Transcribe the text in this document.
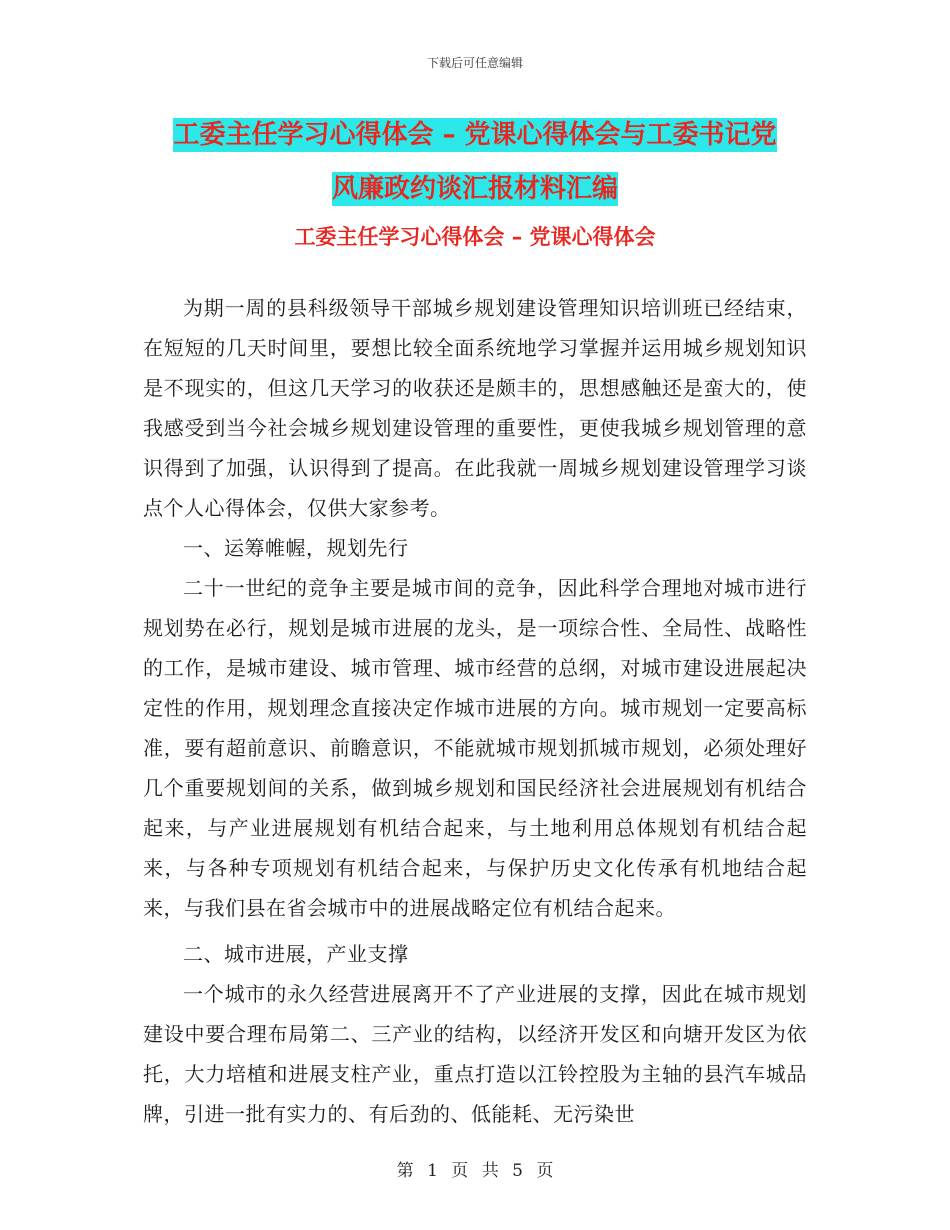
下载后可任意编辑
工委主任学习心得体会 – 党课心得体会与工委书记党
风廉政约谈汇报材料汇编
工委主任学习心得体会 – 党课心得体会

为期一周的县科级领导干部城乡规划建设管理知识培训班已经结束，在短短的几天时间里，要想比较全面系统地学习掌握并运用城乡规划知识是不现实的，但这几天学习的收获还是颇丰的，思想感触还是蛮大的，使我感受到当今社会城乡规划建设管理的重要性，更使我城乡规划管理的意识得到了加强，认识得到了提高。在此我就一周城乡规划建设管理学习谈点个人心得体会，仅供大家参考。

一、运筹帷幄，规划先行

二十一世纪的竞争主要是城市间的竞争，因此科学合理地对城市进行规划势在必行，规划是城市进展的龙头，是一项综合性、全局性、战略性的工作，是城市建设、城市管理、城市经营的总纲，对城市建设进展起决定性的作用，规划理念直接决定作城市进展的方向。城市规划一定要高标准，要有超前意识、前瞻意识，不能就城市规划抓城市规划，必须处理好几个重要规划间的关系，做到城乡规划和国民经济社会进展规划有机结合起来，与产业进展规划有机结合起来，与土地利用总体规划有机结合起来，与各种专项规划有机结合起来，与保护历史文化传承有机地结合起来，与我们县在省会城市中的进展战略定位有机结合起来。

二、城市进展，产业支撑

一个城市的永久经营进展离开不了产业进展的支撑，因此在城市规划建设中要合理布局第二、三产业的结构，以经济开发区和向塘开发区为依托，大力培植和进展支柱产业，重点打造以江铃控股为主轴的县汽车城品牌，引进一批有实力的、有后劲的、低能耗、无污染世

第 1 页 共 5 页
